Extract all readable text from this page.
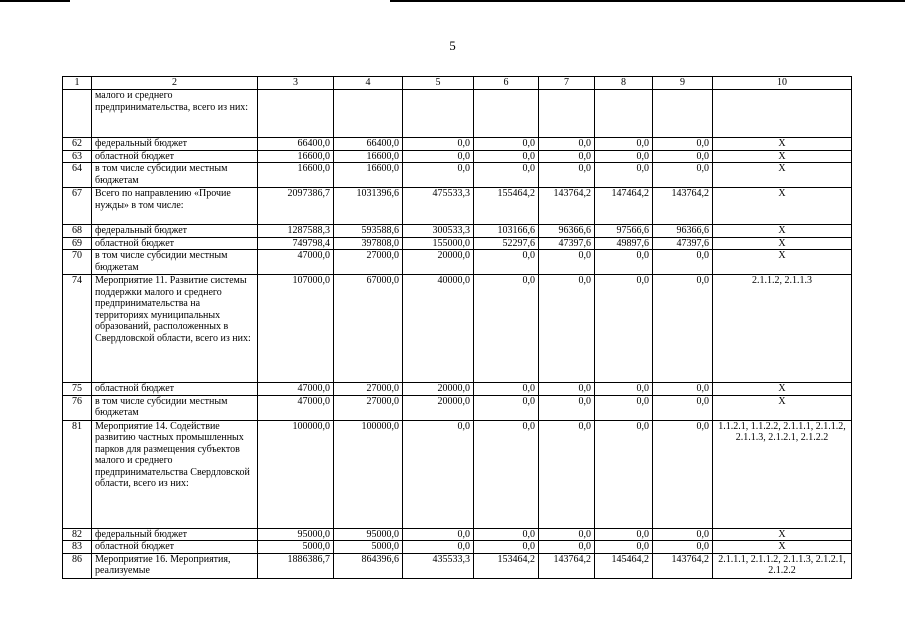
5
1	2	3	4	5	6	7	8	9	10
	малого и среднего предпринимательства, всего из них:								
62	федеральный бюджет	66400,0	66400,0	0,0	0,0	0,0	0,0	0,0	Х
63	областной бюджет	16600,0	16600,0	0,0	0,0	0,0	0,0	0,0	Х
64	в том числе субсидии местным бюджетам	16600,0	16600,0	0,0	0,0	0,0	0,0	0,0	Х
67	Всего по направлению «Прочие нужды» в том числе:	2097386,7	1031396,6	475533,3	155464,2	143764,2	147464,2	143764,2	Х
68	федеральный бюджет	1287588,3	593588,6	300533,3	103166,6	96366,6	97566,6	96366,6	Х
69	областной бюджет	749798,4	397808,0	155000,0	52297,6	47397,6	49897,6	47397,6	Х
70	в том числе субсидии местным бюджетам	47000,0	27000,0	20000,0	0,0	0,0	0,0	0,0	Х
74	Мероприятие 11. Развитие системы поддержки малого и среднего предпринимательства на территориях муниципальных образований, расположенных в Свердловской области, всего из них:	107000,0	67000,0	40000,0	0,0	0,0	0,0	0,0	2.1.1.2, 2.1.1.3
75	областной бюджет	47000,0	27000,0	20000,0	0,0	0,0	0,0	0,0	Х
76	в том числе субсидии местным бюджетам	47000,0	27000,0	20000,0	0,0	0,0	0,0	0,0	Х
81	Мероприятие 14. Содействие развитию частных промышленных парков для размещения субъектов малого и среднего предпринимательства Свердловской области, всего из них:	100000,0	100000,0	0,0	0,0	0,0	0,0	0,0	1.1.2.1, 1.1.2.2, 2.1.1.1, 2.1.1.2, 2.1.1.3, 2.1.2.1, 2.1.2.2
82	федеральный бюджет	95000,0	95000,0	0,0	0,0	0,0	0,0	0,0	Х
83	областной бюджет	5000,0	5000,0	0,0	0,0	0,0	0,0	0,0	Х
86	Мероприятие 16. Мероприятия, реализуемые	1886386,7	864396,6	435533,3	153464,2	143764,2	145464,2	143764,2	2.1.1.1, 2.1.1.2, 2.1.1.3, 2.1.2.1, 2.1.2.2
